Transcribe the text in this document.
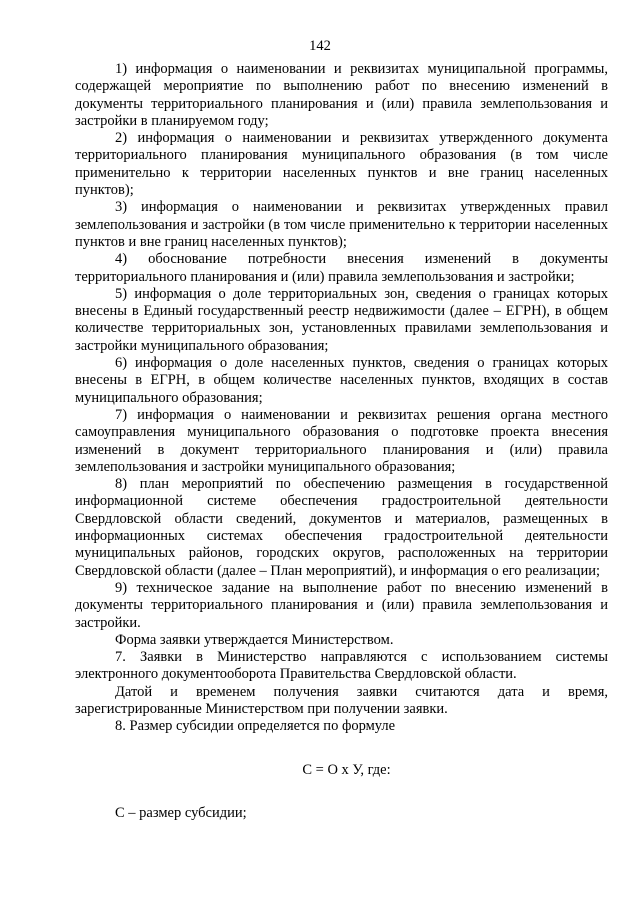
142

1) информация о наименовании и реквизитах муниципальной программы, содержащей мероприятие по выполнению работ по внесению изменений в документы территориального планирования и (или) правила землепользования и застройки в планируемом году;

2) информация о наименовании и реквизитах утвержденного документа территориального планирования муниципального образования (в том числе применительно к территории населенных пунктов и вне границ населенных пунктов);

3) информация о наименовании и реквизитах утвержденных правил землепользования и застройки (в том числе применительно к территории населенных пунктов и вне границ населенных пунктов);

4) обоснование потребности внесения изменений в документы территориального планирования и (или) правила землепользования и застройки;

5) информация о доле территориальных зон, сведения о границах которых внесены в Единый государственный реестр недвижимости (далее – ЕГРН), в общем количестве территориальных зон, установленных правилами землепользования и застройки муниципального образования;

6) информация о доле населенных пунктов, сведения о границах которых внесены в ЕГРН, в общем количестве населенных пунктов, входящих в состав муниципального образования;

7) информация о наименовании и реквизитах решения органа местного самоуправления муниципального образования о подготовке проекта внесения изменений в документ территориального планирования и (или) правила землепользования и застройки муниципального образования;

8) план мероприятий по обеспечению размещения в государственной информационной системе обеспечения градостроительной деятельности Свердловской области сведений, документов и материалов, размещенных в информационных системах обеспечения градостроительной деятельности муниципальных районов, городских округов, расположенных на территории Свердловской области (далее – План мероприятий), и информация о его реализации;

9) техническое задание на выполнение работ по внесению изменений в документы территориального планирования и (или) правила землепользования и застройки.

Форма заявки утверждается Министерством.

7. Заявки в Министерство направляются с использованием системы электронного документооборота Правительства Свердловской области.

Датой и временем получения заявки считаются дата и время, зарегистрированные Министерством при получении заявки.

8. Размер субсидии определяется по формуле

С = О х У, где:

С – размер субсидии;
